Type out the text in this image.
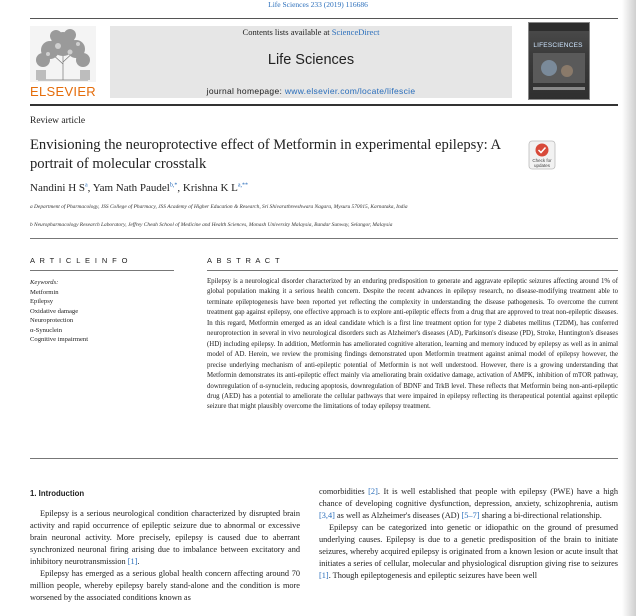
Life Sciences 233 (2019) 116686
ELSEVIER
Contents lists available at ScienceDirect
Life Sciences
journal homepage: www.elsevier.com/locate/lifescie
LIFESCIENCES
Review article
Envisioning the neuroprotective effect of Metformin in experimental epilepsy: A portrait of molecular crosstalk	Check for updates
Nandini H $S^a$, Yam Nath Paudel$^{b,*}$, Krishna K $L^{a,**}$
a Department of Pharmacology, JSS College of Pharmacy, JSS Academy of Higher Education & Research, Sri Shivarathreeshwara Nagara, Mysuru 570015, Karnataka, India
b Neuropharmacology Research Laboratory, Jeffrey Cheah School of Medicine and Health Sciences, Monash University Malaysia, Bandar Sunway, Selangor, Malaysia
A R T I C L E I N F O	A B S T R A C T
Keywords:
Metformin
Epilepsy
Oxidative damage
Neuroprotection
α-Synuclein
Cognitive impairment
Epilepsy is a neurological disorder characterized by an enduring predisposition to generate and aggravate epileptic seizures affecting around 1% of global population making it a serious health concern. Despite the recent advances in epilepsy research, no disease-modifying treatment able to terminate epileptogenesis have been reported yet reflecting the complexity in understanding the disease pathogenesis. To overcome the current treatment gap against epilepsy, one effective approach is to explore anti-epileptic effects from a drug that are approved to treat non-epileptic diseases. In this regard, Metformin emerged as an ideal candidate which is a first line treatment option for type 2 diabetes mellitus (T2DM), has conferred neuroprotection in several in vivo neurological disorders such as Alzheimer's diseases (AD), Parkinson's disease (PD), Stroke, Huntington's diseases (HD) including epilepsy. In addition, Metformin has ameliorated cognitive alteration, learning and memory induced by epilepsy as well as in animal model of AD. Herein, we review the promising findings demonstrated upon Metformin treatment against animal model of epilepsy however, the precise underlying mechanism of anti-epileptic potential of Metformin is not well understood. However, there is a growing understanding that Metformin demonstrates its anti-epileptic effect mainly via ameliorating brain oxidative damage, activation of AMPK, inhibition of mTOR pathway, downregulation of α-synuclein, reducing apoptosis, downregulation of BDNF and TrkB level. These reflects that Metformin being non-anti-epileptic drug (AED) has a potential to ameliorate the cellular pathways that were impaired in epilepsy reflecting its therapeutical potential against epileptic seizure that might plausibly overcome the limitations of today epilepsy treatment.
1. Introduction

Epilepsy is a serious neurological condition characterized by disrupted brain activity and rapid occurrence of epileptic seizure due to abnormal or excessive brain neuronal activity. More precisely, epilepsy is caused due to aberrant synchronized neuronal firing arising due to imbalance between excitatory and inhibitory neurotransmission [1].

Epilepsy has emerged as a serious global health concern affecting around 70 million people, whereby epilepsy barely stand-alone and the condition is more worsened by the associated conditions known as

comorbidities [2]. It is well established that people with epilepsy (PWE) have a high chance of developing cognitive dysfunction, depression, anxiety, schizophrenia, autism [3,4] as well as Alzheimer's diseases (AD) [5–7] sharing a bi-directional relationship.

Epilepsy can be categorized into genetic or idiopathic on the ground of presumed underlying causes. Epilepsy is due to a genetic predisposition of the brain to initiate seizures, whereby acquired epilepsy is originated from a known lesion or acute insult that initiates a series of cellular, molecular and physiological disruption giving rise to seizures [1]. Though epileptogenesis and epileptic seizures have been well
